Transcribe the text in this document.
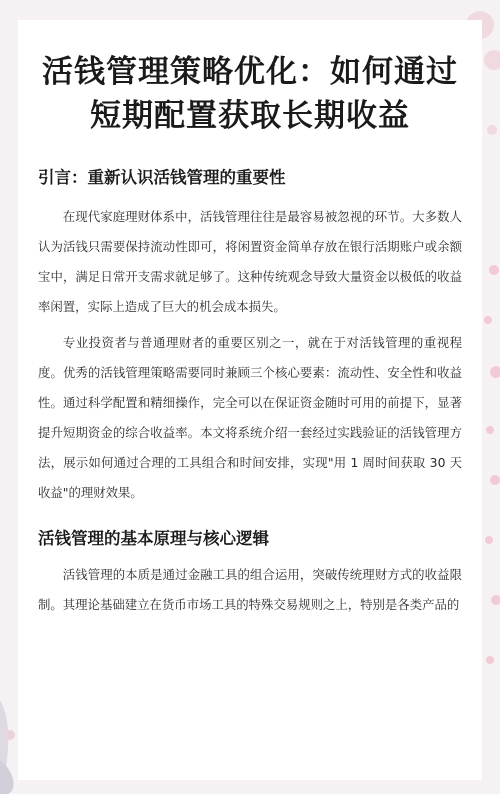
活钱管理策略优化：如何通过
短期配置获取长期收益
引言：重新认识活钱管理的重要性

在现代家庭理财体系中，活钱管理往往是最容易被忽视的环节。大多数人认为活钱只需要保持流动性即可，将闲置资金简单存放在银行活期账户或余额宝中，满足日常开支需求就足够了。这种传统观念导致大量资金以极低的收益率闲置，实际上造成了巨大的机会成本损失。

专业投资者与普通理财者的重要区别之一，就在于对活钱管理的重视程度。优秀的活钱管理策略需要同时兼顾三个核心要素：流动性、安全性和收益性。通过科学配置和精细操作，完全可以在保证资金随时可用的前提下，显著提升短期资金的综合收益率。本文将系统介绍一套经过实践验证的活钱管理方法，展示如何通过合理的工具组合和时间安排，实现"用 1 周时间获取 30 天收益"的理财效果。

活钱管理的基本原理与核心逻辑

活钱管理的本质是通过金融工具的组合运用，突破传统理财方式的收益限制。其理论基础建立在货币市场工具的特殊交易规则之上，特别是各类产品的
